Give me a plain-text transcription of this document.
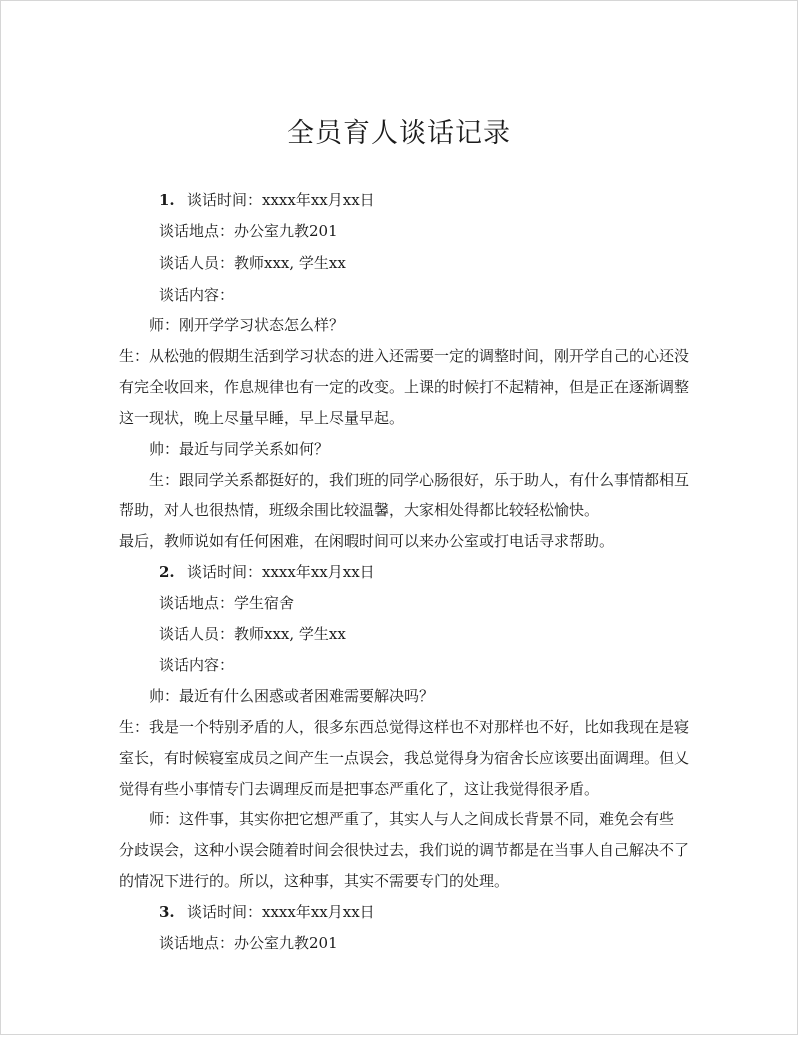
全员育人谈话记录
1. 谈话时间：xxxx年xx月xx日
谈话地点：办公室九教201
谈话人员：教师xxx, 学生xx
谈话内容：
师：刚开学学习状态怎么样？
生：从松弛的假期生活到学习状态的进入还需要一定的调整时间，刚开学自己的心还没
有完全收回来，作息规律也有一定的改变。上课的时候打不起精神，但是正在逐渐调整
这一现状，晚上尽量早睡，早上尽量早起。
帅：最近与同学关系如何？
生：跟同学关系都挺好的，我们班的同学心肠很好，乐于助人，有什么事情都相互
帮助，对人也很热情，班级余围比较温馨，大家相处得都比较轻松愉快。
最后，教师说如有任何困难，在闲暇时间可以来办公室或打电话寻求帮助。
2. 谈话时间：xxxx年xx月xx日
谈话地点：学生宿舍
谈话人员：教师xxx, 学生xx
谈话内容：
帅：最近有什么困惑或者困难需要解决吗？
生：我是一个特别矛盾的人，很多东西总觉得这样也不对那样也不好，比如我现在是寝
室长，有时候寝室成员之间产生一点误会，我总觉得身为宿舍长应该要出面调理。但乂
觉得有些小事情专门去调理反而是把事态严重化了，这让我觉得很矛盾。
师：这件事，其实你把它想严重了，其实人与人之间成长背景不同，难免会有些
分歧误会，这种小误会随着时间会很快过去，我们说的调节都是在当事人自己解决不了
的情况下进行的。所以，这种事，其实不需要专门的处理。
3. 谈话时间：xxxx年xx月xx日
谈话地点：办公室九教201
